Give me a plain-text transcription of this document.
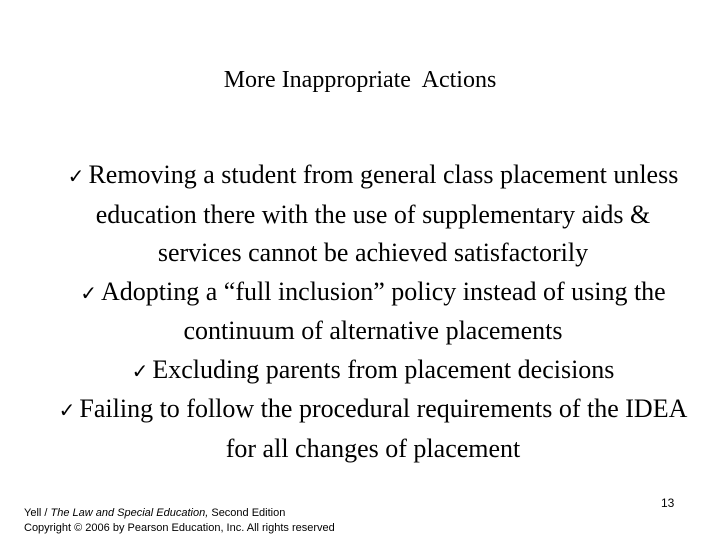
More Inappropriate  Actions

✓ Removing a student from general class placement unless education there with the use of supplementary aids & services cannot be achieved satisfactorily

✓ Adopting a “full inclusion” policy instead of using the continuum of alternative placements

✓ Excluding parents from placement decisions

✓ Failing to follow the procedural requirements of the IDEA for all changes of placement

Yell / The Law and Special Education, Second Edition
Copyright © 2006 by Pearson Education, Inc. All rights reserved
13
